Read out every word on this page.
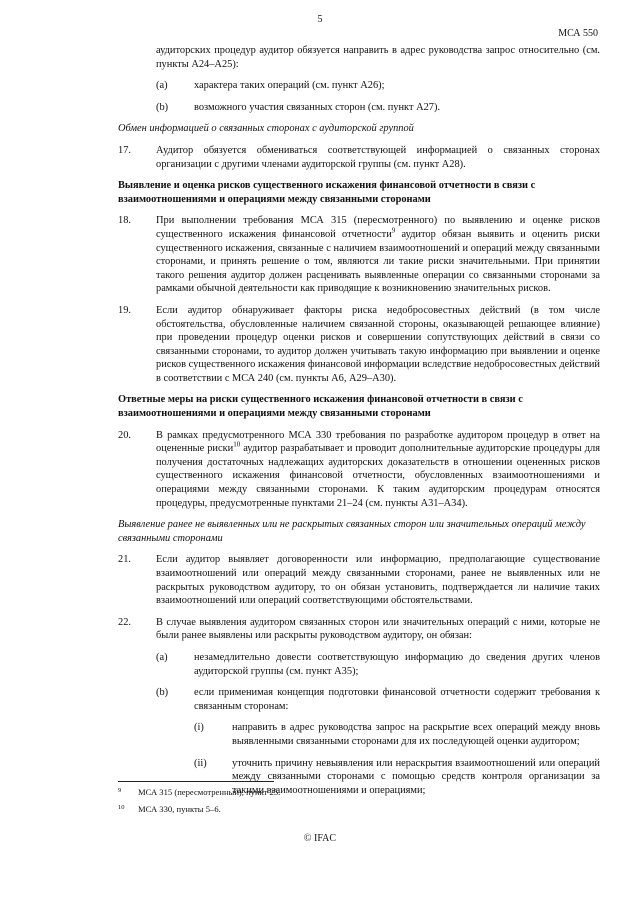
5
МСА 550

аудиторских процедур аудитор обязуется направить в адрес руководства запрос относительно (см. пункты А24–А25):

(a)	характера таких операций (см. пункт А26);
(b) возможного участия связанных сторон (см. пункт А27).

Обмен информацией о связанных сторонах с аудиторской группой

17. Аудитор обязуется обмениваться соответствующей информацией о связанных сторонах организации с другими членами аудиторской группы (см. пункт А28).

Выявление и оценка рисков существенного искажения финансовой отчетности в связи с взаимоотношениями и операциями между связанными сторонами

18. При выполнении требования МСА 315 (пересмотренного) по выявлению и оценке рисков существенного искажения финансовой отчетности$^9$ аудитор обязан выявить и оценить риски существенного искажения, связанные с наличием взаимоотношений и операций между связанными сторонами, и принять решение о том, являются ли такие риски значительными. При принятии такого решения аудитор должен расценивать выявленные операции со связанными сторонами за рамками обычной деятельности как приводящие к возникновению значительных рисков.
19. Если аудитор обнаруживает факторы риска недобросовестных действий (в том числе обстоятельства, обусловленные наличием связанной стороны, оказывающей решающее влияние) при проведении процедур оценки рисков и совершении сопутствующих действий в связи со связанными сторонами, то аудитор должен учитывать такую информацию при выявлении и оценке рисков существенного искажения финансовой информации вследствие недобросовестных действий в соответствии с МСА 240 (см. пункты А6, А29–А30).

Ответные меры на риски существенного искажения финансовой отчетности в связи с взаимоотношениями и операциями между связанными сторонами

20. В рамках предусмотренного МСА 330 требования по разработке аудитором процедур в ответ на оцененные риски$^{10}$ аудитор разрабатывает и проводит дополнительные аудиторские процедуры для получения достаточных надлежащих аудиторских доказательств в отношении оцененных рисков существенного искажения финансовой отчетности, обусловленных взаимоотношениями и операциями между связанными сторонами. К таким аудиторским процедурам относятся процедуры, предусмотренные пунктами 21–24 (см. пункты А31–А34).

Выявление ранее не выявленных или не раскрытых связанных сторон или значительных операций между связанными сторонами

21. Если аудитор выявляет договоренности или информацию, предполагающие существование взаимоотношений или операций между связанными сторонами, ранее не выявленных или не раскрытых руководством аудитору, то он обязан установить, подтверждается ли наличие таких взаимоотношений или операций соответствующими обстоятельствами.
22. В случае выявления аудитором связанных сторон или значительных операций с ними, которые не были ранее выявлены или раскрыты руководством аудитору, он обязан:
(a)	незамедлительно довести соответствующую информацию до сведения других членов аудиторской группы (см. пункт А35);
(b) если применимая концепция подготовки финансовой отчетности содержит требования к связанным сторонам:
(i)	направить в адрес руководства запрос на раскрытие всех операций между вновь выявленными связанными сторонами для их последующей оценки аудитором;
(ii) уточнить причину невыявления или нераскрытия взаимоотношений или операций между связанными сторонами с помощью средств контроля организации за такими взаимоотношениями и операциями;
9 МСА 315 (пересмотренный), пункт 25.
10 МСА 330, пункты 5–6.
© IFAC
